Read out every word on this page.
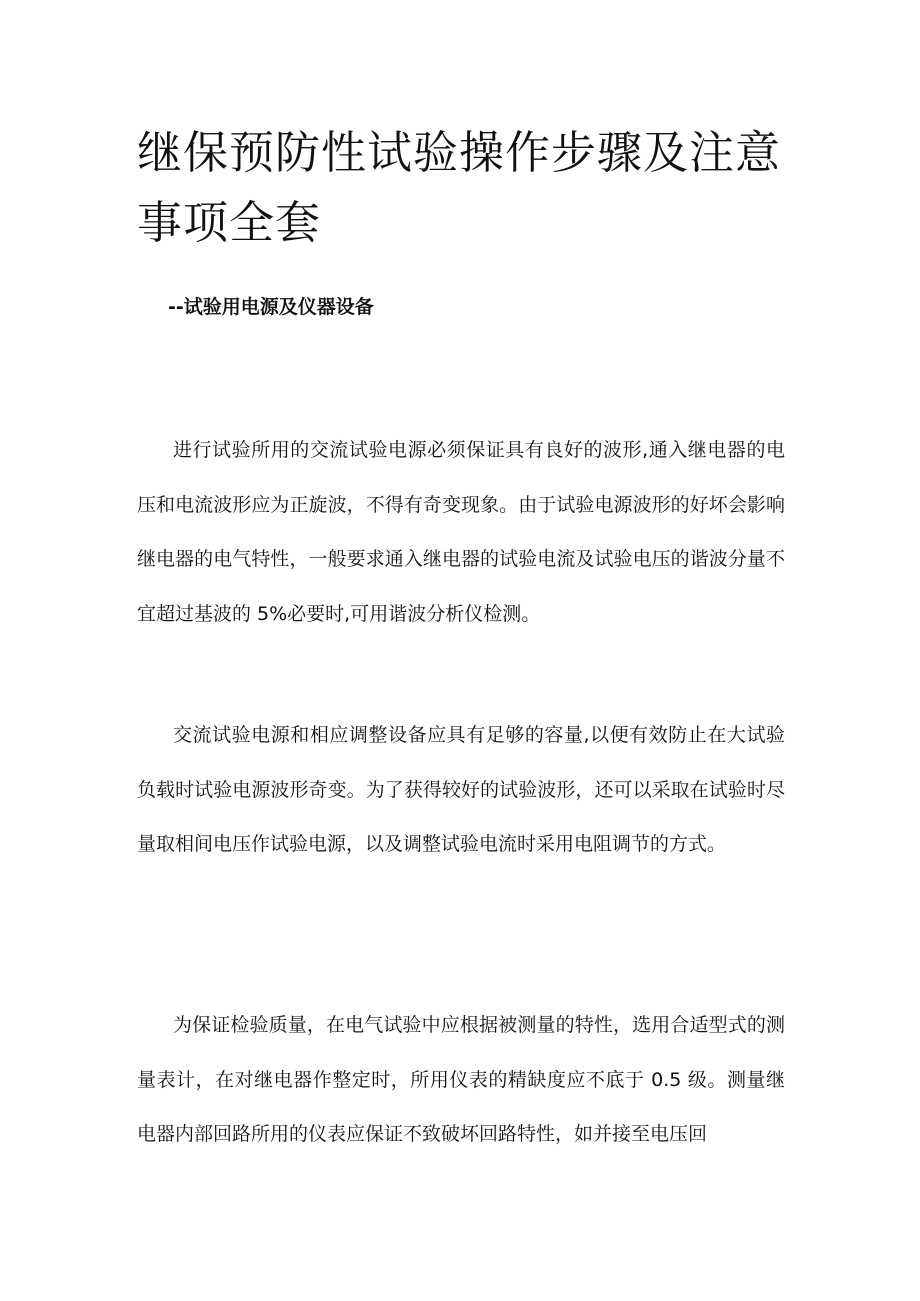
继保预防性试验操作步骤及注意事项全套

--试验用电源及仪器设备

进行试验所用的交流试验电源必须保证具有良好的波形,通入继电器的电压和电流波形应为正旋波，不得有奇变现象。由于试验电源波形的好坏会影响继电器的电气特性，一般要求通入继电器的试验电流及试验电压的谐波分量不宜超过基波的 5%必要时,可用谐波分析仪检测。

交流试验电源和相应调整设备应具有足够的容量,以便有效防止在大试验负载时试验电源波形奇变。为了获得较好的试验波形，还可以采取在试验时尽量取相间电压作试验电源，以及调整试验电流时采用电阻调节的方式。

为保证检验质量，在电气试验中应根据被测量的特性，选用合适型式的测量表计，在对继电器作整定时，所用仪表的精缺度应不底于 0.5 级。测量继电器内部回路所用的仪表应保证不致破坏回路特性，如并接至电压回
